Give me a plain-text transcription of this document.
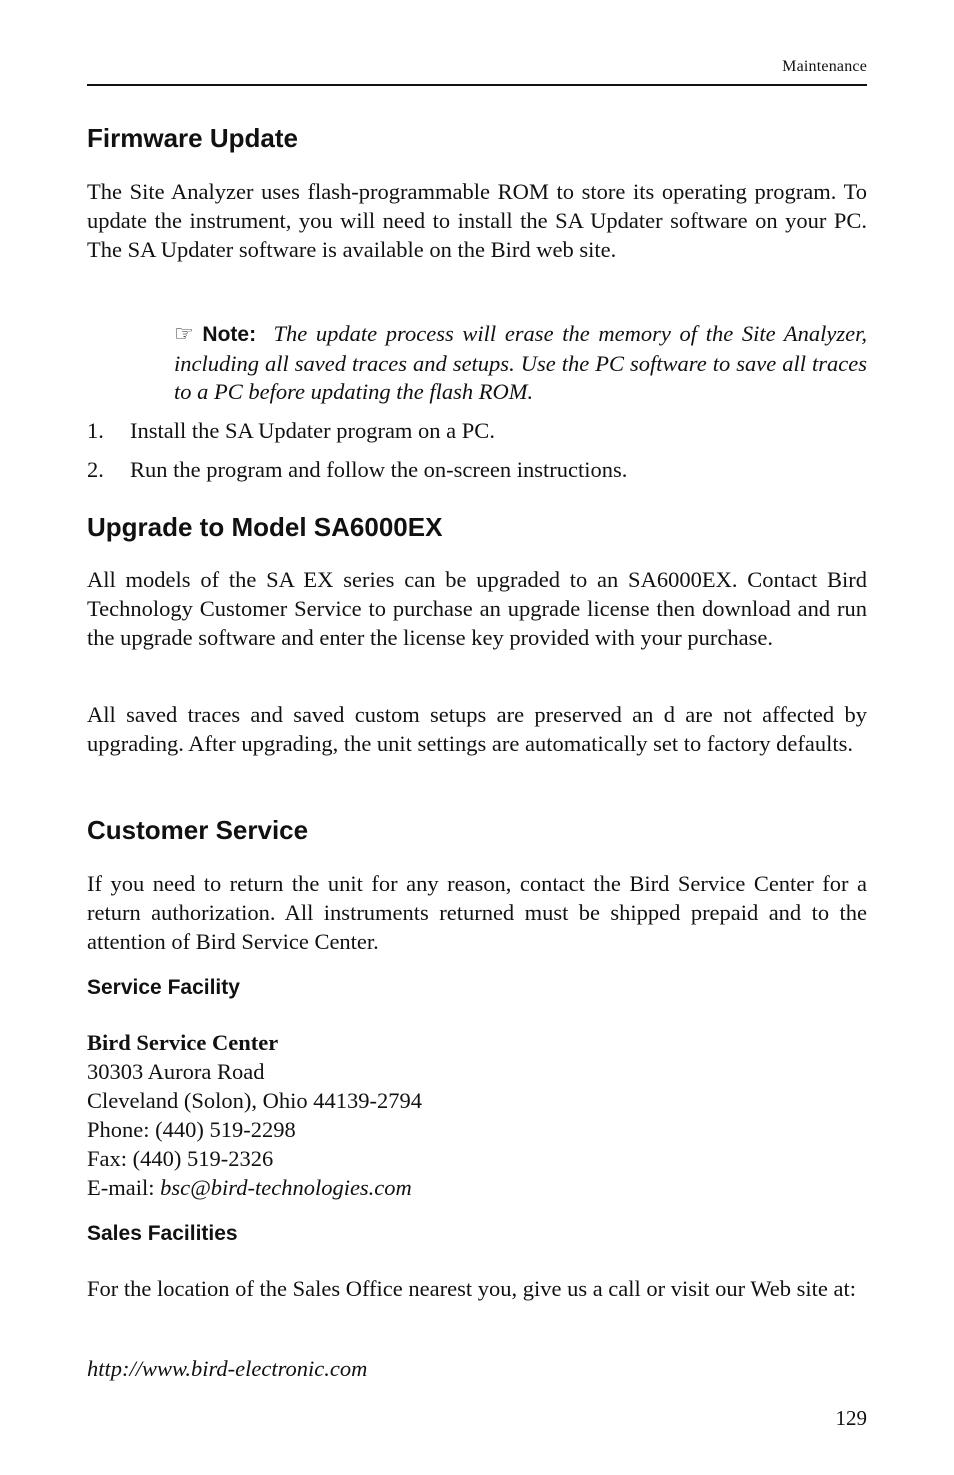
Maintenance
Firmware Update

The Site Analyzer uses flash-programmable ROM to store its operating program. To update the instrument, you will need to install the SA Updater software on your PC. The SA Updater software is available on the Bird web site.

☞ Note: The update process will erase the memory of the Site Analyzer, including all saved traces and setups. Use the PC software to save all traces to a PC before updating the flash ROM.

1. Install the SA Updater program on a PC.
2. Run the program and follow the on-screen instructions.
Upgrade to Model SA6000EX

All models of the SA EX series can be upgraded to an SA6000EX. Contact Bird Technology Customer Service to purchase an upgrade license then download and run the upgrade software and enter the license key provided with your purchase.

All saved traces and saved custom setups are preserved an d are not affected by upgrading. After upgrading, the unit settings are automatically set to factory defaults.

Customer Service

If you need to return the unit for any reason, contact the Bird Service Center for a return authorization. All instruments returned must be shipped prepaid and to the attention of Bird Service Center.

Service Facility
Bird Service Center
30303 Aurora Road
Cleveland (Solon), Ohio 44139-2794
Phone: (440) 519-2298
Fax: (440) 519-2326
E-mail: bsc@bird-technologies.com
Sales Facilities

For the location of the Sales Office nearest you, give us a call or visit our Web site at:

http://www.bird-electronic.com
129
